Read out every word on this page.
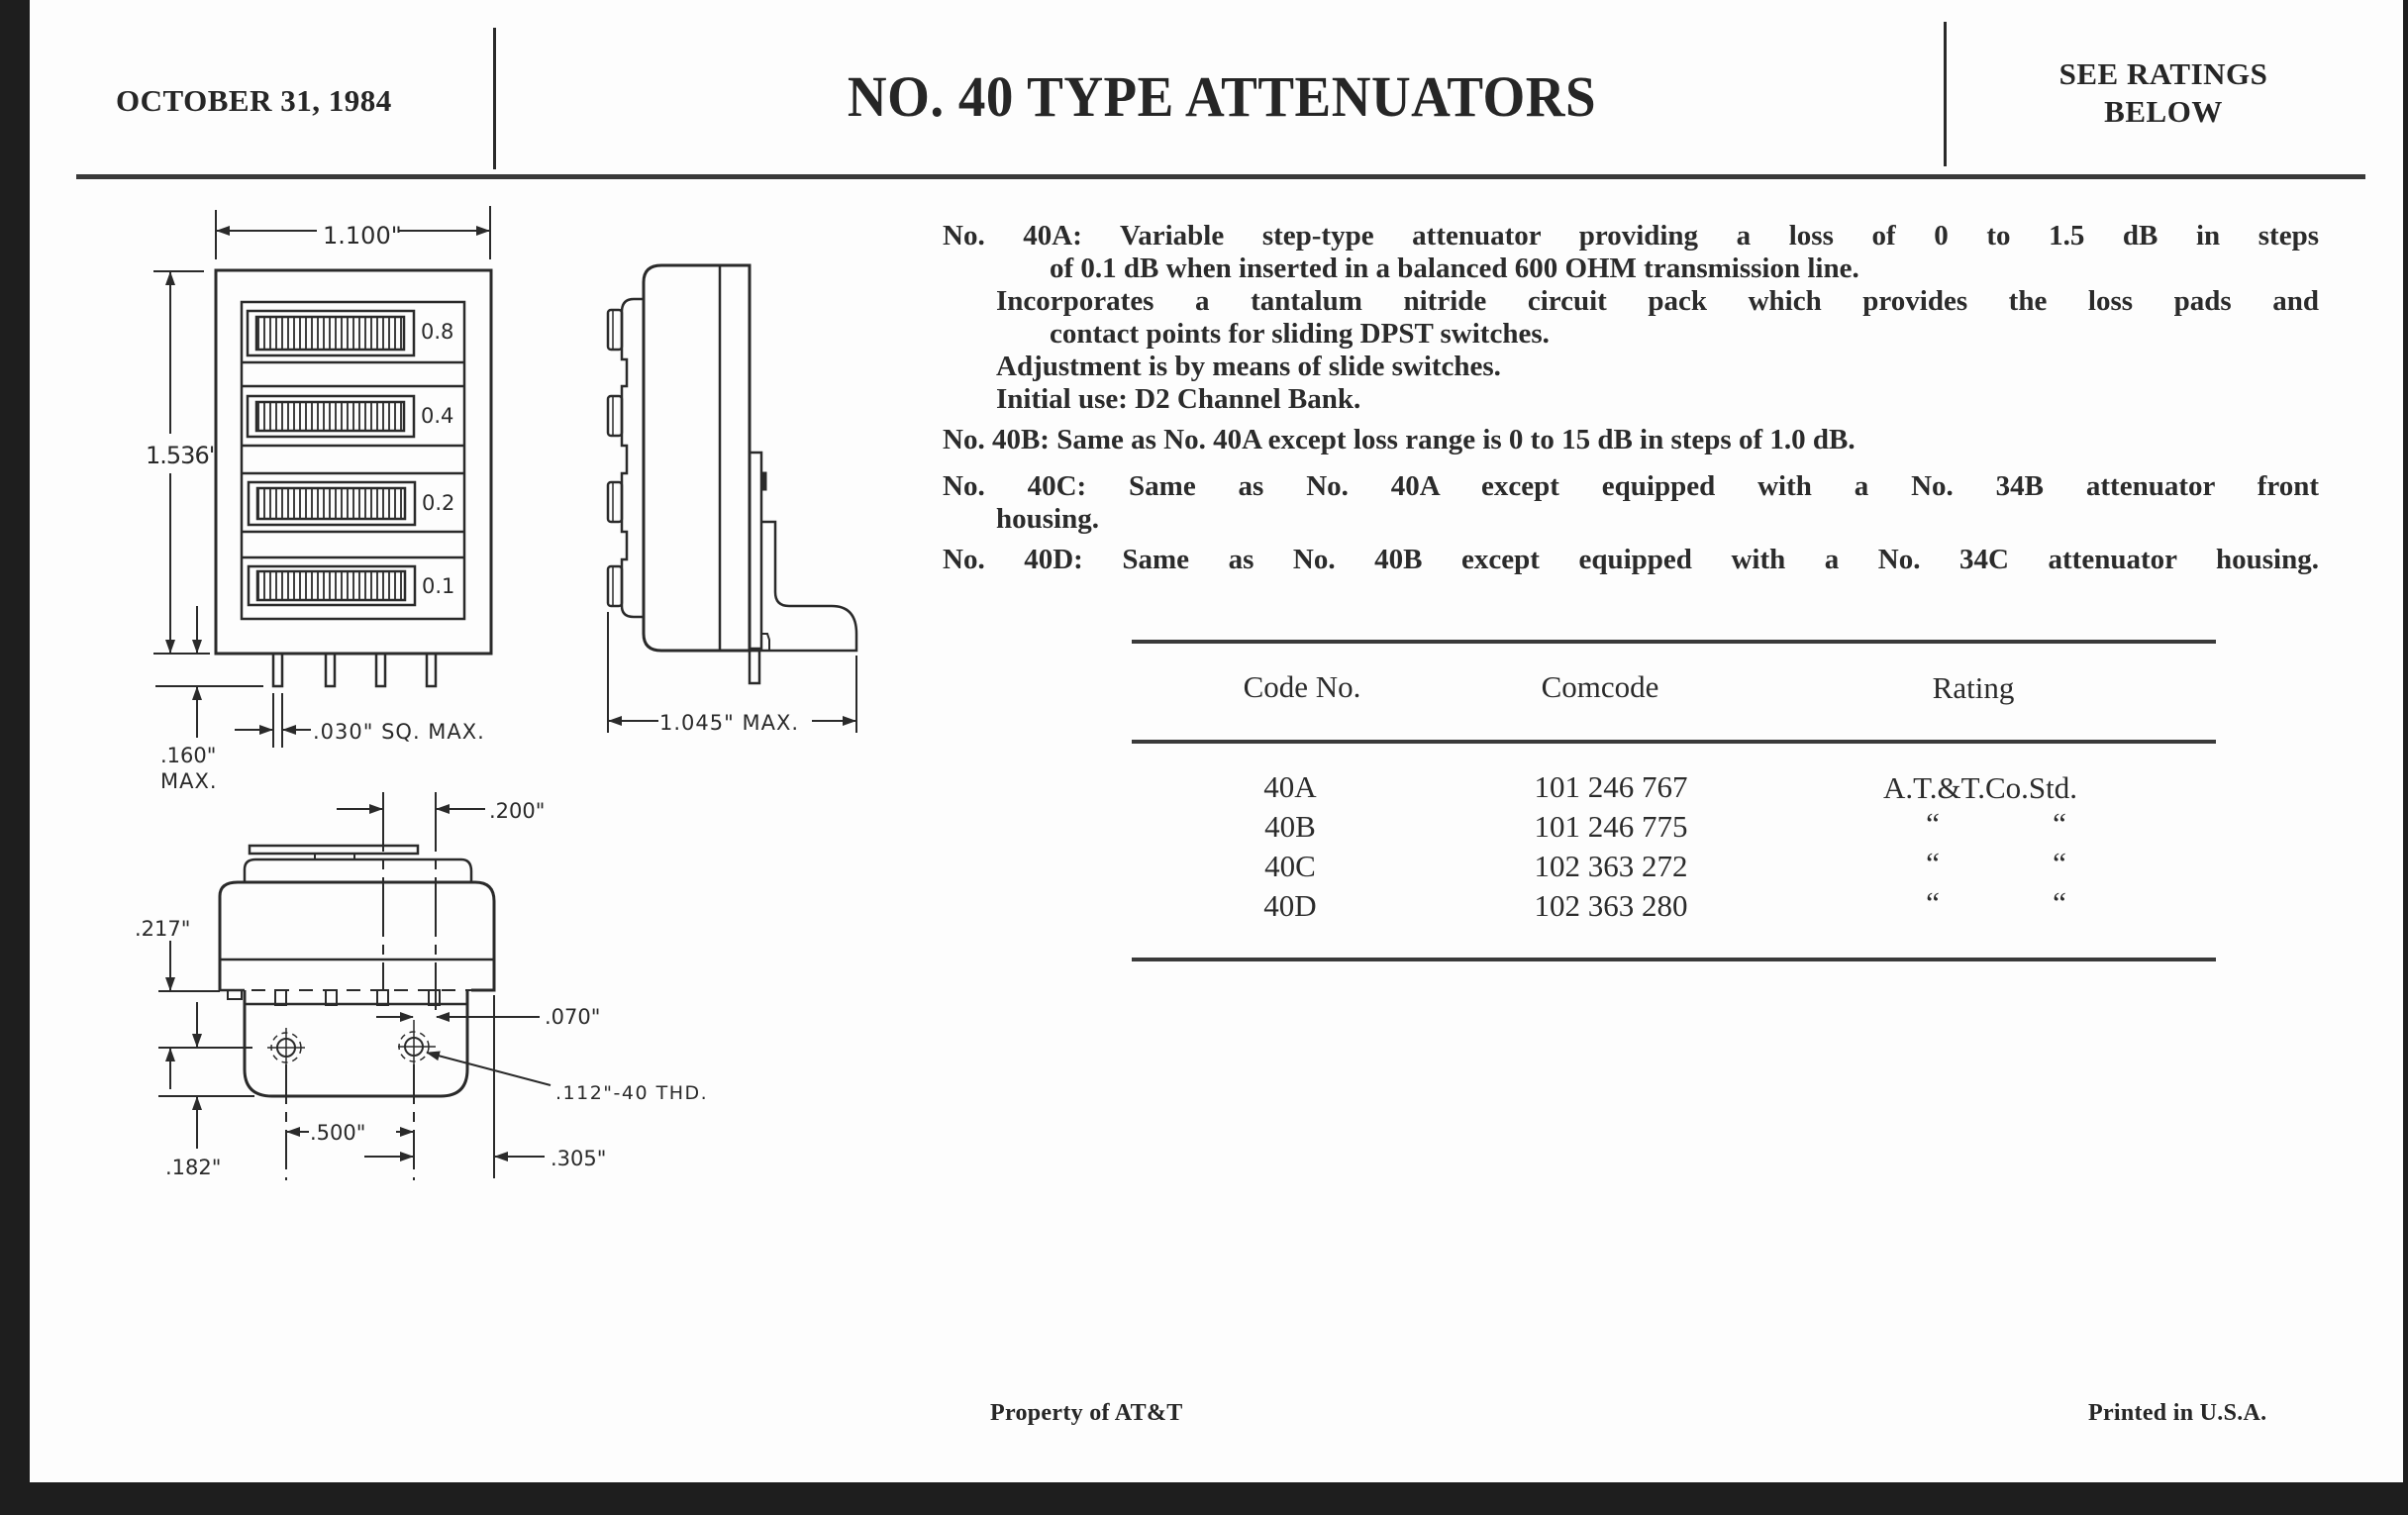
OCTOBER 31, 1984	NO. 40 TYPE ATTENUATORS	SEE RATINGS
BELOW
No. 40A: Variable step-type attenuator providing a loss of 0 to 1.5 dB in steps
of 0.1 dB when inserted in a balanced 600 OHM transmission line.
Incorporates a tantalum nitride circuit pack which provides the loss pads and
contact points for sliding DPST switches.
Adjustment is by means of slide switches.
Initial use: D2 Channel Bank.
No. 40B: Same as No. 40A except loss range is 0 to 15 dB in steps of 1.0 dB.
No. 40C: Same as No. 40A except equipped with a No. 34B attenuator front
housing.
No. 40D: Same as No. 40B except equipped with a No. 34C attenuator housing.
Code No.	Comcode	Rating
40A	101 246 767	A.T.&T.Co.Std.
40B	101 246 775	“	“
40C	102 363 272	“	“
40D	102 363 280	“	“
1.100"
1.536"
0.8
0.4
0.2
0.1
.030" SQ. MAX.
.160"
MAX.
1.045" MAX.
.200"
.217"
.070"
.112"-40 THD.
.500"
.182"	.305"
Property of AT&T	Printed in U.S.A.
